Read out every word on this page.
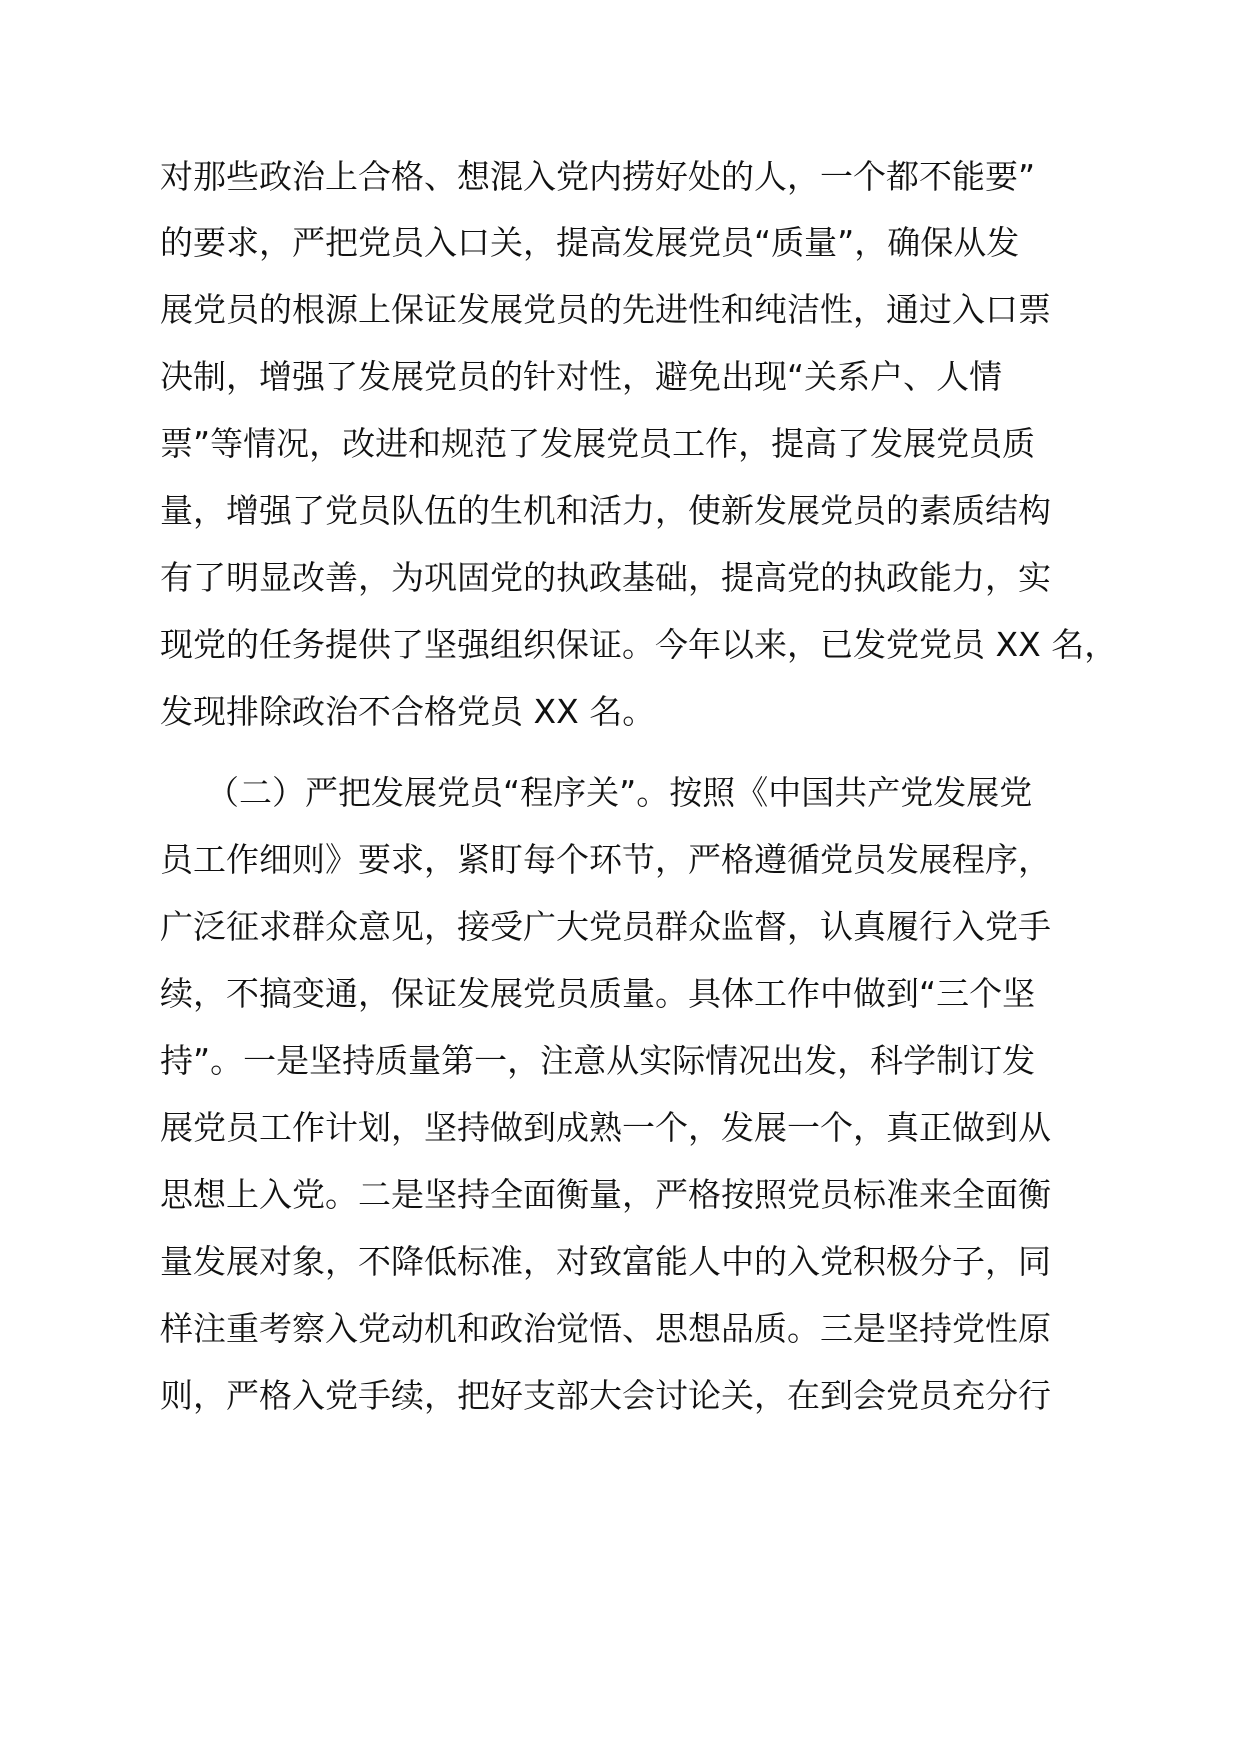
对那些政治上合格、想混入党内捞好处的人，一个都不能要”
的要求，严把党员入口关，提高发展党员“质量”，确保从发
展党员的根源上保证发展党员的先进性和纯洁性，通过入口票
决制，增强了发展党员的针对性，避免出现“关系户、人情
票”等情况，改进和规范了发展党员工作，提高了发展党员质
量，增强了党员队伍的生机和活力，使新发展党员的素质结构
有了明显改善，为巩固党的执政基础，提高党的执政能力，实
现党的任务提供了坚强组织保证。今年以来，已发党党员 XX 名，
发现排除政治不合格党员 XX 名。
（二）严把发展党员“程序关”。按照《中国共产党发展党
员工作细则》要求，紧盯每个环节，严格遵循党员发展程序，
广泛征求群众意见，接受广大党员群众监督，认真履行入党手
续，不搞变通，保证发展党员质量。具体工作中做到“三个坚
持”。一是坚持质量第一，注意从实际情况出发，科学制订发
展党员工作计划，坚持做到成熟一个，发展一个，真正做到从
思想上入党。二是坚持全面衡量，严格按照党员标准来全面衡
量发展对象，不降低标准，对致富能人中的入党积极分子，同
样注重考察入党动机和政治觉悟、思想品质。三是坚持党性原
则，严格入党手续，把好支部大会讨论关，在到会党员充分行
